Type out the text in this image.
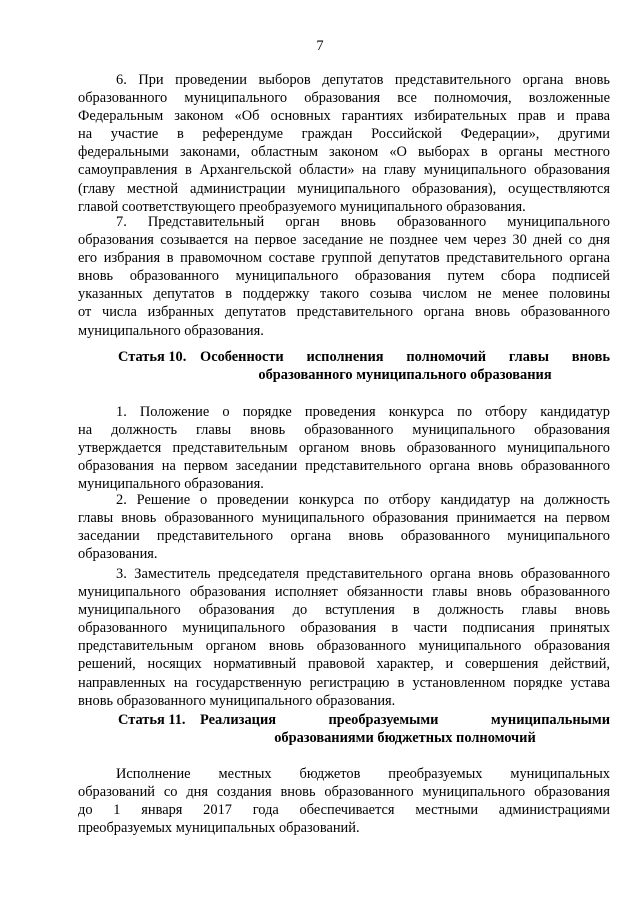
7
6. При проведении выборов депутатов представительного органа вновь
образованного муниципального образования все полномочия, возложенные
Федеральным законом «Об основных гарантиях избирательных прав и права
на участие в референдуме граждан Российской Федерации», другими
федеральными законами, областным законом «О выборах в органы местного
самоуправления в Архангельской области» на главу муниципального образования
(главу местной администрации муниципального образования), осуществляются
главой соответствующего преобразуемого муниципального образования.
7. Представительный орган вновь образованного муниципального
образования созывается на первое заседание не позднее чем через 30 дней со дня
его избрания в правомочном составе группой депутатов представительного органа
вновь образованного муниципального образования путем сбора подписей
указанных депутатов в поддержку такого созыва числом не менее половины
от числа избранных депутатов представительного органа вновь образованного
муниципального образования.
Статья 10. Особенности исполнения полномочий главы вновь
образованного муниципального образования
1. Положение о порядке проведения конкурса по отбору кандидатур
на должность главы вновь образованного муниципального образования
утверждается представительным органом вновь образованного муниципального
образования на первом заседании представительного органа вновь образованного
муниципального образования.
2. Решение о проведении конкурса по отбору кандидатур на должность
главы вновь образованного муниципального образования принимается на первом
заседании представительного органа вновь образованного муниципального
образования.
3. Заместитель председателя представительного органа вновь образованного
муниципального образования исполняет обязанности главы вновь образованного
муниципального образования до вступления в должность главы вновь
образованного муниципального образования в части подписания принятых
представительным органом вновь образованного муниципального образования
решений, носящих нормативный правовой характер, и совершения действий,
направленных на государственную регистрацию в установленном порядке устава
вновь образованного муниципального образования.
Статья 11. Реализация преобразуемыми муниципальными
образованиями бюджетных полномочий
Исполнение местных бюджетов преобразуемых муниципальных
образований со дня создания вновь образованного муниципального образования
до 1 января 2017 года обеспечивается местными администрациями
преобразуемых муниципальных образований.
